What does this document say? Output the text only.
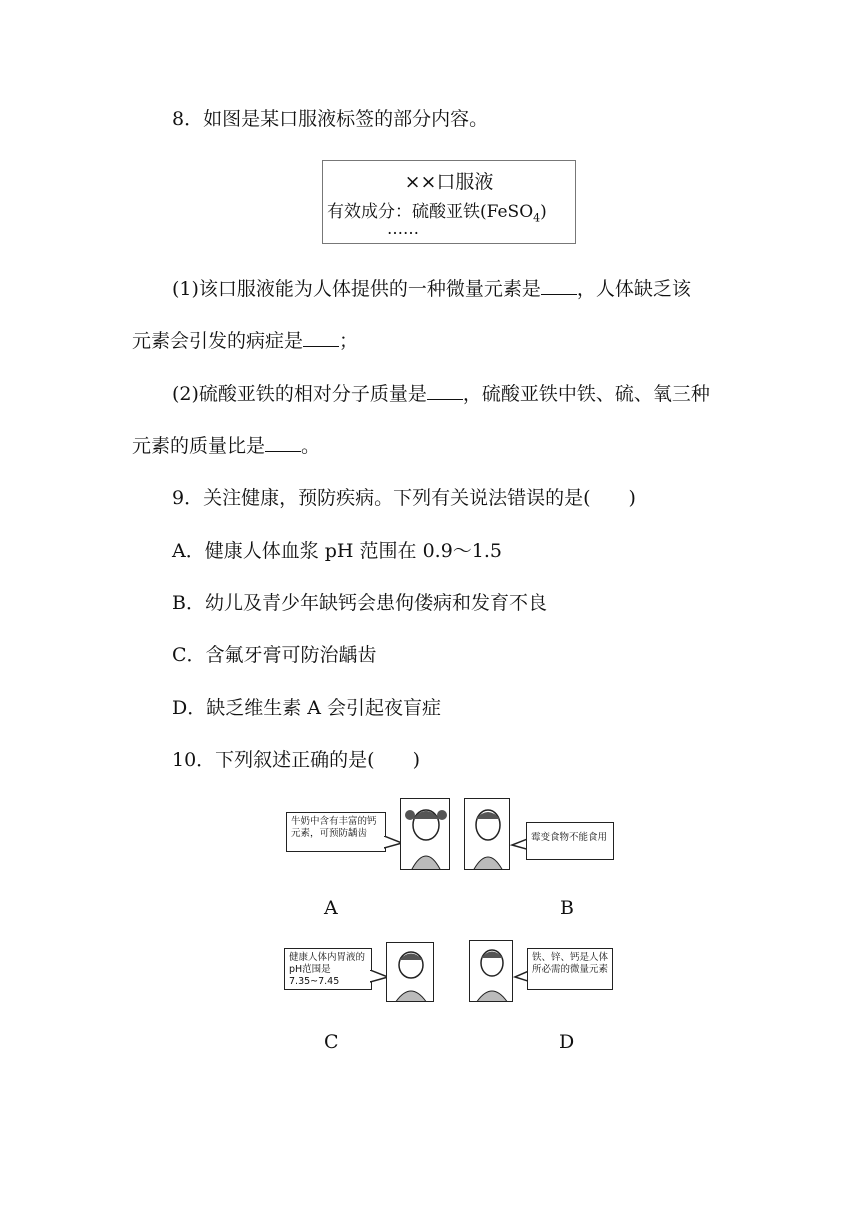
8．如图是某口服液标签的部分内容。
××口服液
有效成分：硫酸亚铁(FeSO$_4$)
……
(1)该口服液能为人体提供的一种微量元素是 ，人体缺乏该
元素会引发的病症是 ；
(2)硫酸亚铁的相对分子质量是 ，硫酸亚铁中铁、硫、氧三种
元素的质量比是 。
9．关注健康，预防疾病。下列有关说法错误的是(　　)
A．健康人体血浆 pH 范围在 0.9～1.5
B．幼儿及青少年缺钙会患佝偻病和发育不良
C．含氟牙膏可防治龋齿
D．缺乏维生素 A 会引起夜盲症
10．下列叙述正确的是(　　)
牛奶中含有丰富的钙元素，可预防龋齿
A
霉变食物不能食用
B
健康人体内胃液的pH范围是7.35~7.45
C
铁、锌、钙是人体所必需的微量元素
D
